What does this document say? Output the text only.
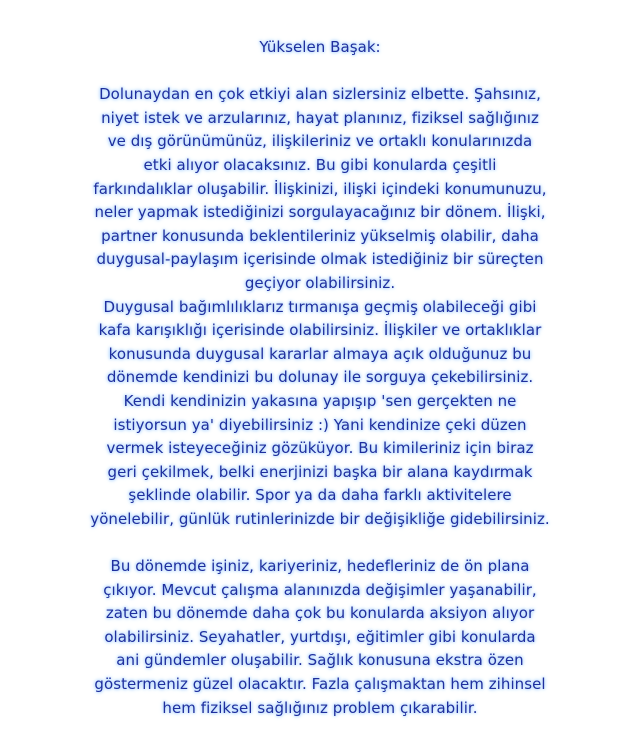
Yükselen Başak:
Dolunaydan en çok etkiyi alan sizlersiniz elbette. Şahsınız,
niyet istek ve arzularınız, hayat planınız, fiziksel sağlığınız
ve dış görünümünüz, ilişkileriniz ve ortaklı konularınızda
etki alıyor olacaksınız. Bu gibi konularda çeşitli
farkındalıklar oluşabilir. İlişkinizi, ilişki içindeki konumunuzu,
neler yapmak istediğinizi sorgulayacağınız bir dönem. İlişki,
partner konusunda beklentileriniz yükselmiş olabilir, daha
duygusal-paylaşım içerisinde olmak istediğiniz bir süreçten
geçiyor olabilirsiniz.
Duygusal bağımlılıklarız tırmanışa geçmiş olabileceği gibi
kafa karışıklığı içerisinde olabilirsiniz. İlişkiler ve ortaklıklar
konusunda duygusal kararlar almaya açık olduğunuz bu
dönemde kendinizi bu dolunay ile sorguya çekebilirsiniz.
Kendi kendinizin yakasına yapışıp 'sen gerçekten ne
istiyorsun ya' diyebilirsiniz :) Yani kendinize çeki düzen
vermek isteyeceğiniz gözüküyor. Bu kimileriniz için biraz
geri çekilmek, belki enerjinizi başka bir alana kaydırmak
şeklinde olabilir. Spor ya da daha farklı aktivitelere
yönelebilir, günlük rutinlerinizde bir değişikliğe gidebilirsiniz.
Bu dönemde işiniz, kariyeriniz, hedefleriniz de ön plana
çıkıyor. Mevcut çalışma alanınızda değişimler yaşanabilir,
zaten bu dönemde daha çok bu konularda aksiyon alıyor
olabilirsiniz. Seyahatler, yurtdışı, eğitimler gibi konularda
ani gündemler oluşabilir. Sağlık konusuna ekstra özen
göstermeniz güzel olacaktır. Fazla çalışmaktan hem zihinsel
hem fiziksel sağlığınız problem çıkarabilir.
